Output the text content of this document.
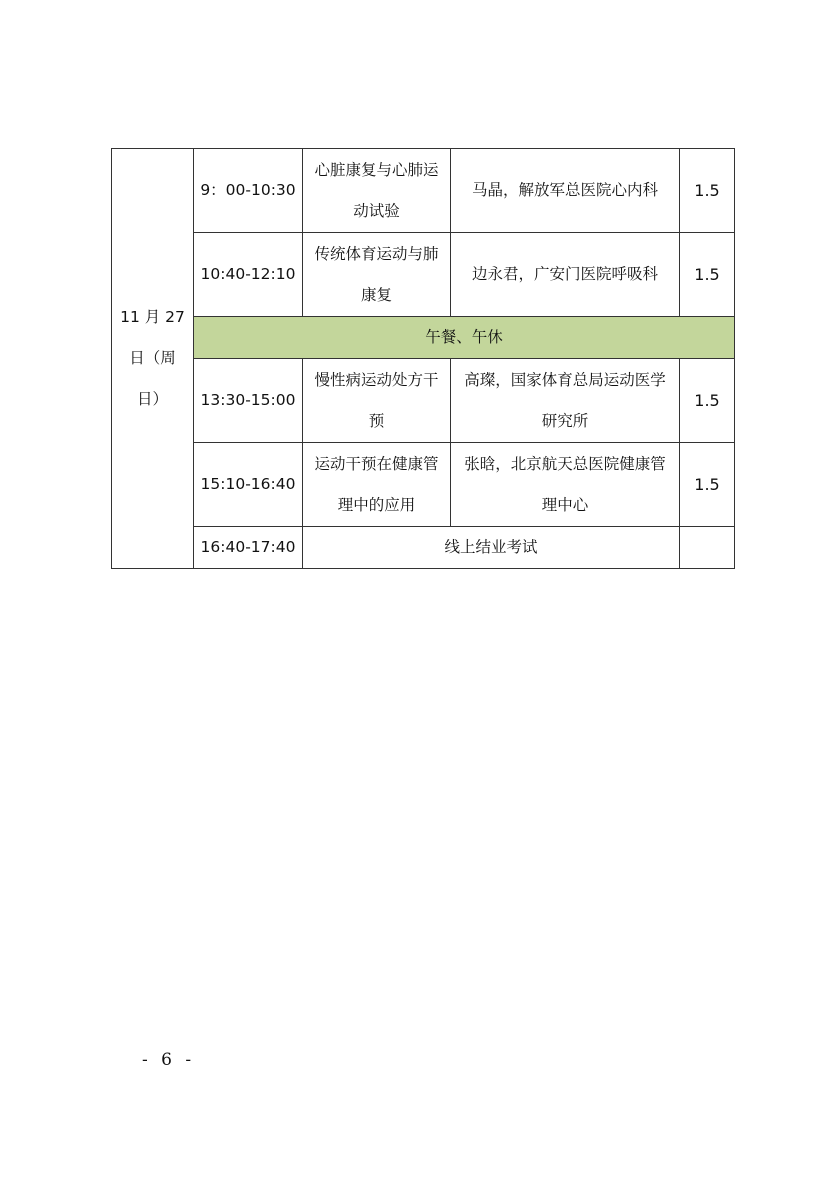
11 月 27 日（周日）	9：00-10:30	心脏康复与心肺运动试验	马晶，解放军总医院心内科	1.5
	10:40-12:10	传统体育运动与肺康复	边永君，广安门医院呼吸科	1.5
	午餐、午休			
	13:30-15:00	慢性病运动处方干预	高璨，国家体育总局运动医学研究所	1.5
	15:10-16:40	运动干预在健康管理中的应用	张晗，北京航天总医院健康管理中心	1.5
	16:40-17:40	线上结业考试		
- 6 -
